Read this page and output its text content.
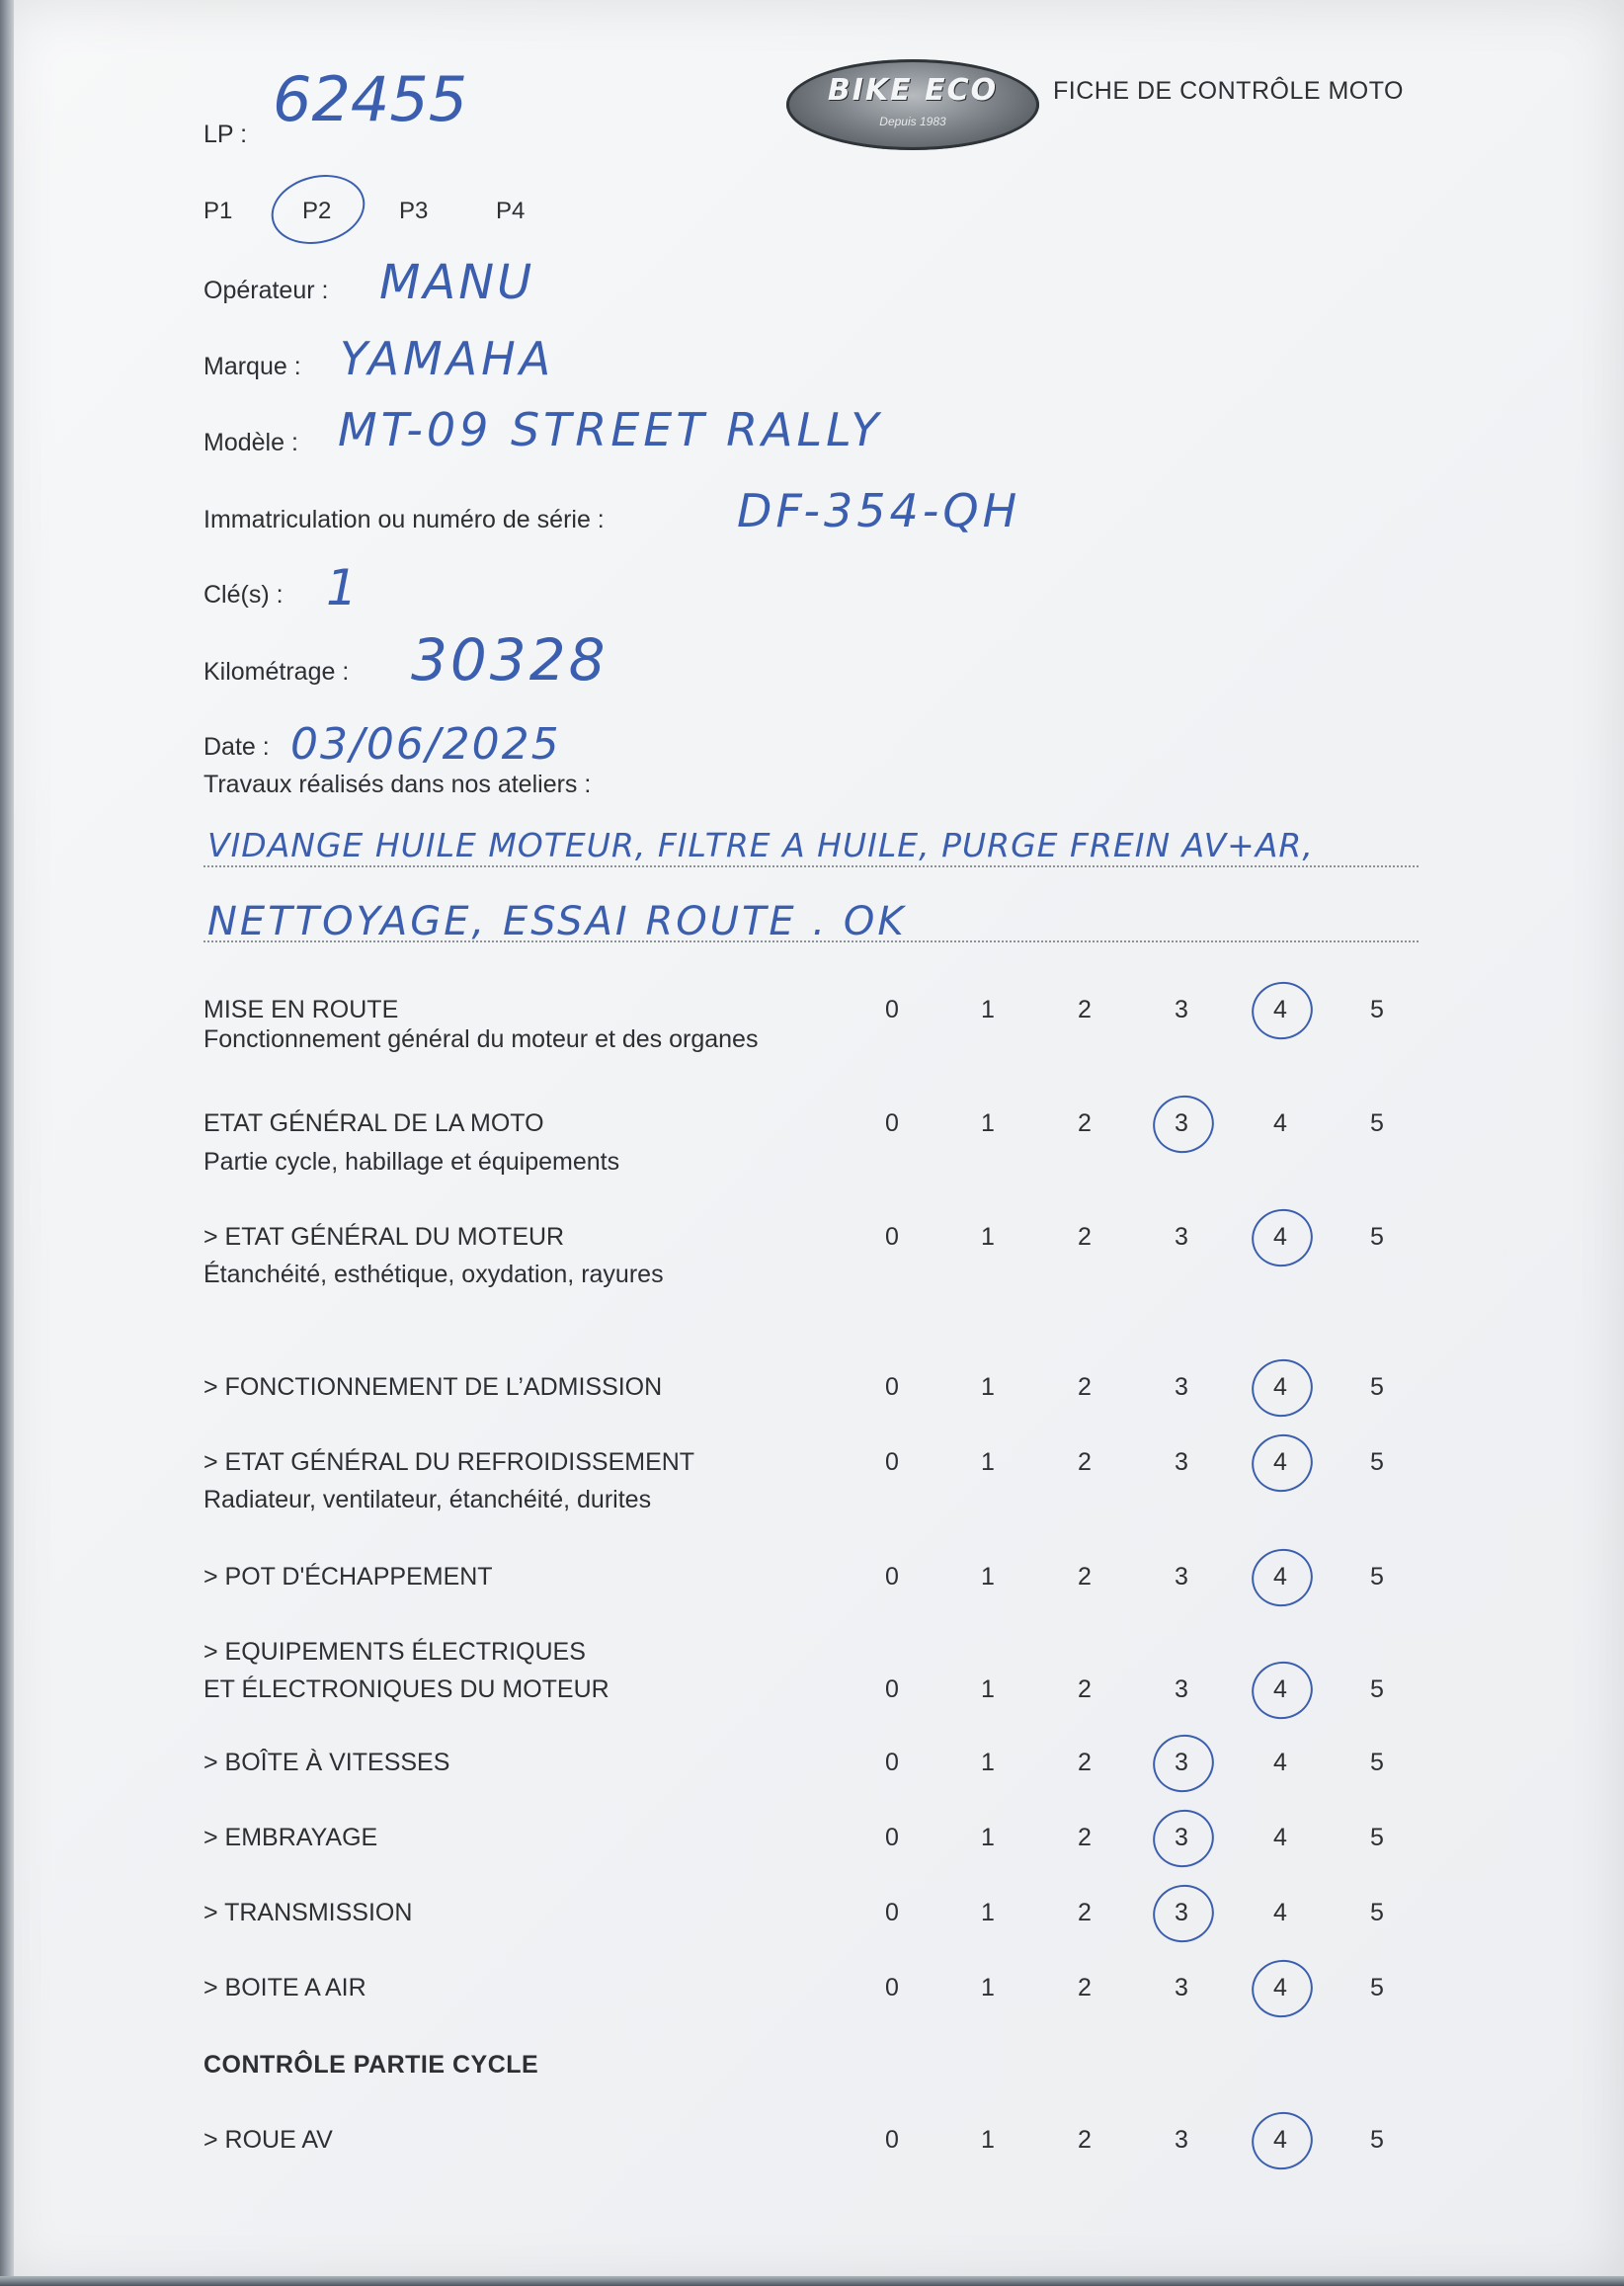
BIKE ECO
Depuis 1983
FICHE DE CONTRÔLE MOTO
LP : 62455
P1	P2	P3	P4
Opérateur : MANU
Marque : YAMAHA
Modèle : MT-09 STREET RALLY
Immatriculation ou numéro de série :	DF-354-QH
Clé(s) : 1
Kilométrage : 30328
Date : 03/06/2025
Travaux réalisés dans nos ateliers :
VIDANGE HUILE MOTEUR, FILTRE A HUILE, PURGE FREIN AV+AR,
NETTOYAGE, ESSAI ROUTE . OK
MISE EN ROUTE
Fonctionnement général du moteur et des organes
0	1	2	3	4	5
ETAT GÉNÉRAL DE LA MOTO
Partie cycle, habillage et équipements
0	1	2	3	4	5
> ETAT GÉNÉRAL DU MOTEUR
Étanchéité, esthétique, oxydation, rayures
0	1	2	3	4	5
> FONCTIONNEMENT DE L’ADMISSION	0	1	2	3	4	5
> ETAT GÉNÉRAL DU REFROIDISSEMENT
Radiateur, ventilateur, étanchéité, durites
0	1	2	3	4	5
> POT D'ÉCHAPPEMENT	0	1	2	3	4	5
> EQUIPEMENTS ÉLECTRIQUES
ET ÉLECTRONIQUES DU MOTEUR	0	1	2	3	4	5
> BOÎTE À VITESSES	0	1	2	3	4	5
> EMBRAYAGE	0	1	2	3	4	5
> TRANSMISSION	0	1	2	3	4	5
> BOITE A AIR	0	1	2	3	4	5
> ROUE AV	0	1	2	3	4	5
CONTRÔLE PARTIE CYCLE
